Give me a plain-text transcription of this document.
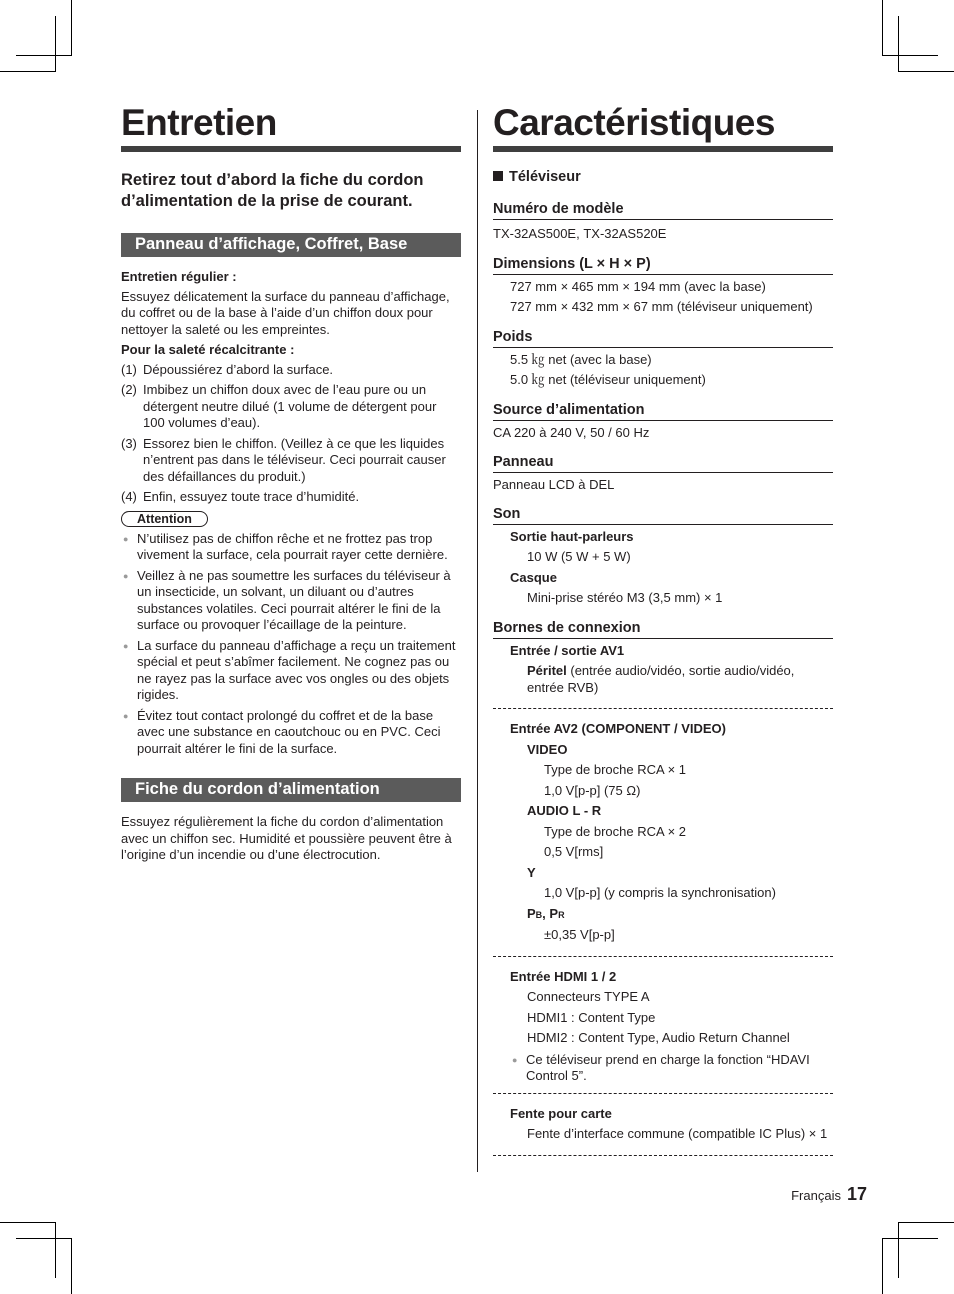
Entretien
Retirez tout d’abord la fiche du cordon d’alimentation de la prise de courant.
Panneau d’affichage, Coffret, Base
Entretien régulier :
Essuyez délicatement la surface du panneau d’affichage, du coffret ou de la base à l’aide d’un chiffon doux pour nettoyer la saleté ou les empreintes.
Pour la saleté récalcitrante :
(1) Dépoussiérez d’abord la surface.
(2) Imbibez un chiffon doux avec de l’eau pure ou un détergent neutre dilué (1 volume de détergent pour 100 volumes d’eau).
(3) Essorez bien le chiffon. (Veillez à ce que les liquides n’entrent pas dans le téléviseur. Ceci pourrait causer des défaillances du produit.)
(4) Enfin, essuyez toute trace d’humidité.
Attention
● N’utilisez pas de chiffon rêche et ne frottez pas trop vivement la surface, cela pourrait rayer cette dernière.
● Veillez à ne pas soumettre les surfaces du téléviseur à un insecticide, un solvant, un diluant ou d’autres substances volatiles. Ceci pourrait altérer le fini de la surface ou provoquer l’écaillage de la peinture.
● La surface du panneau d’affichage a reçu un traitement spécial et peut s’abîmer facilement. Ne cognez pas ou ne rayez pas la surface avec vos ongles ou des objets rigides.
● Évitez tout contact prolongé du coffret et de la base avec une substance en caoutchouc ou en PVC. Ceci pourrait altérer le fini de la surface.
Fiche du cordon d’alimentation
Essuyez régulièrement la fiche du cordon d’alimentation avec un chiffon sec. Humidité et poussière peuvent être à l’origine d’un incendie ou d’une électrocution.
Caractéristiques
Téléviseur
Numéro de modèle
TX-32AS500E, TX-32AS520E
Dimensions (L × H × P)
727 mm × 465 mm × 194 mm (avec la base)
727 mm × 432 mm × 67 mm (téléviseur uniquement)
Poids
5.5 ㎏ net (avec la base)
5.0 ㎏ net (téléviseur uniquement)
Source d’alimentation
CA 220 à 240 V, 50 / 60 Hz
Panneau
Panneau LCD à DEL
Son
Sortie haut-parleurs
10 W (5 W + 5 W)
Casque
Mini-prise stéréo M3 (3,5 mm) × 1
Bornes de connexion
Entrée / sortie AV1
Péritel (entrée audio/vidéo, sortie audio/vidéo, entrée RVB)
Entrée AV2 (COMPONENT / VIDEO)
VIDEO
Type de broche RCA × 1
1,0 V[p-p] (75 Ω)
AUDIO L - R
Type de broche RCA × 2
0,5 V[rms]
Y
1,0 V[p-p] (y compris la synchronisation)
PB, PR
±0,35 V[p-p]
Entrée HDMI 1 / 2
Connecteurs TYPE A
HDMI1 : Content Type
HDMI2 : Content Type, Audio Return Channel
● Ce téléviseur prend en charge la fonction “HDAVI Control 5”.
Fente pour carte
Fente d’interface commune (compatible IC Plus) × 1
Français 17
